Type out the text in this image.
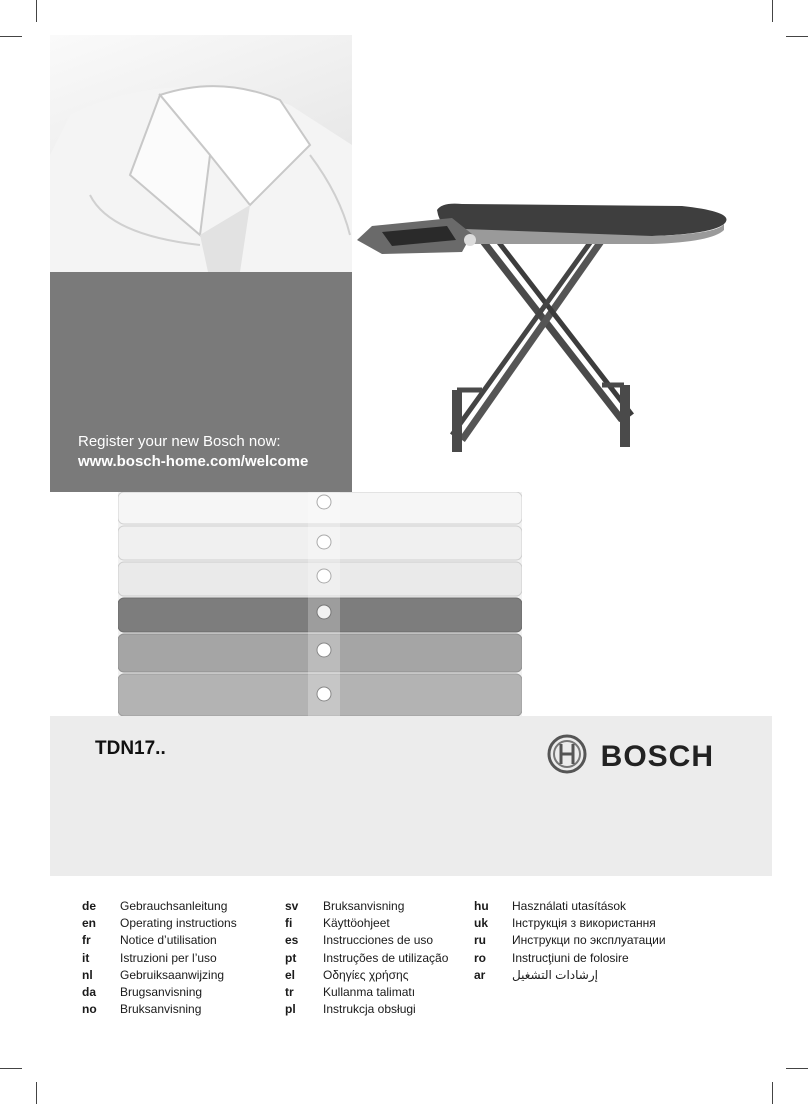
Register your new Bosch now:
www.bosch-home.com/welcome
TDN17..	BOSCH
de	Gebrauchsanleitung
en	Operating instructions
fr	Notice d’utilisation
it	Istruzioni per l’uso
nl	Gebruiksaanwijzing
da	Brugsanvisning
no	Bruksanvisning
sv	Bruksanvisning
fi	Käyttöohjeet
es	Instrucciones de uso
pt	Instruções de utilização
el	Οδηγίες χρήσης
tr	Kullanma talimatı
pl	Instrukcja obsługi
hu	Használati utasítások
uk	Інструкція з використання
ru	Инструкци по эксплуатации
ro	Instrucţiuni de folosire
ar	إرشادات التشغيل
